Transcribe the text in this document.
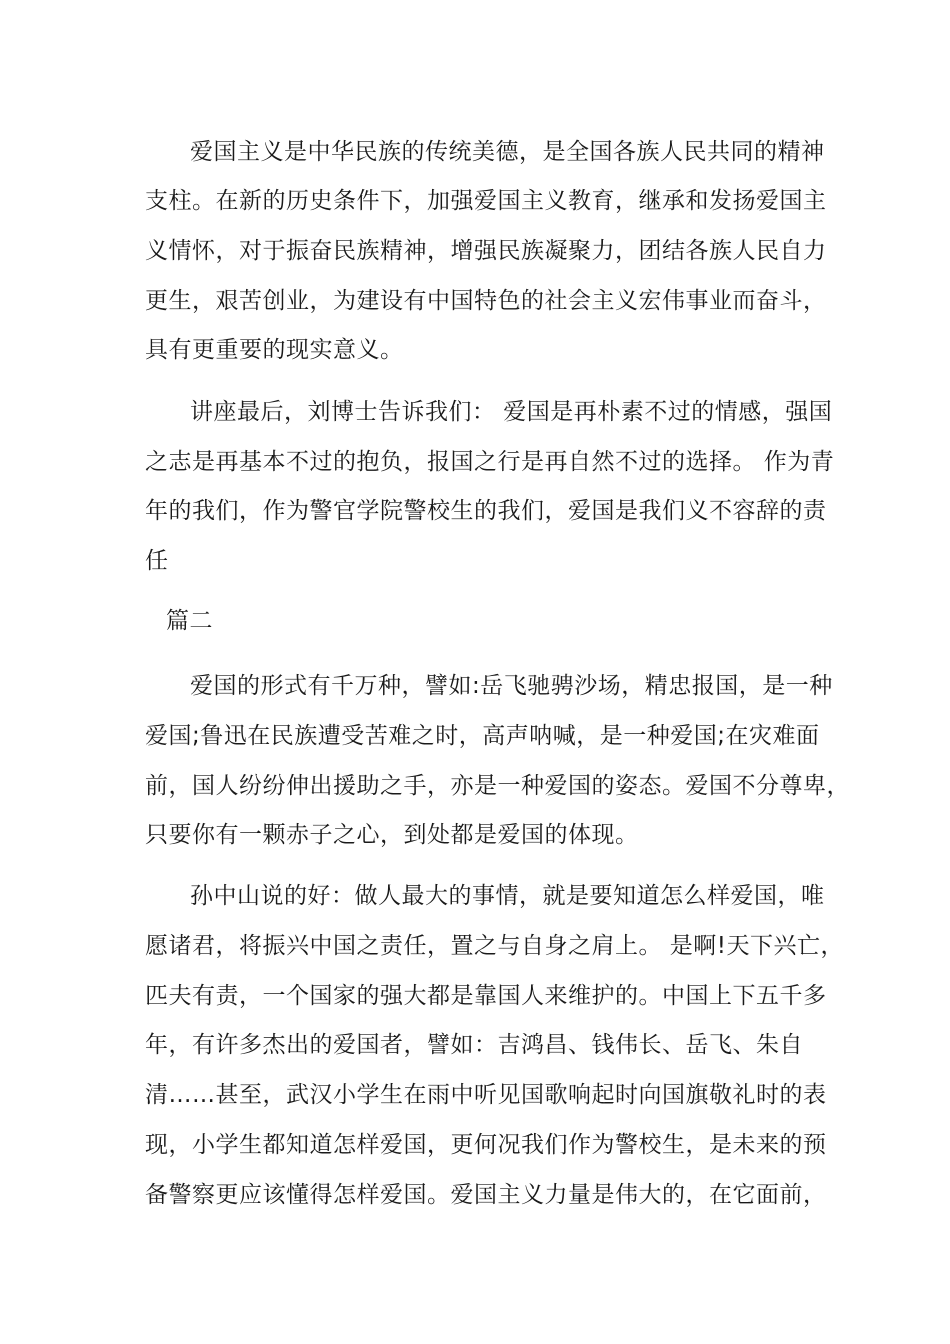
爱国主义是中华民族的传统美德，是全国各族人民共同的精神
支柱。在新的历史条件下，加强爱国主义教育，继承和发扬爱国主
义情怀，对于振奋民族精神，增强民族凝聚力，团结各族人民自力
更生，艰苦创业，为建设有中国特色的社会主义宏伟事业而奋斗，
具有更重要的现实意义。
讲座最后，刘博士告诉我们： 爱国是再朴素不过的情感，强国
之志是再基本不过的抱负，报国之行是再自然不过的选择。 作为青
年的我们，作为警官学院警校生的我们，爱国是我们义不容辞的责
任
篇二
爱国的形式有千万种，譬如:岳飞驰骋沙场，精忠报国，是一种
爱国;鲁迅在民族遭受苦难之时，高声呐喊，是一种爱国;在灾难面
前，国人纷纷伸出援助之手，亦是一种爱国的姿态。爱国不分尊卑，
只要你有一颗赤子之心，到处都是爱国的体现。
孙中山说的好：做人最大的事情，就是要知道怎么样爱国，唯
愿诸君，将振兴中国之责任，置之与自身之肩上。 是啊!天下兴亡，
匹夫有责，一个国家的强大都是靠国人来维护的。中国上下五千多
年，有许多杰出的爱国者，譬如：吉鸿昌、钱伟长、岳飞、朱自
清……甚至，武汉小学生在雨中听见国歌响起时向国旗敬礼时的表
现，小学生都知道怎样爱国，更何况我们作为警校生，是未来的预
备警察更应该懂得怎样爱国。爱国主义力量是伟大的，在它面前，
